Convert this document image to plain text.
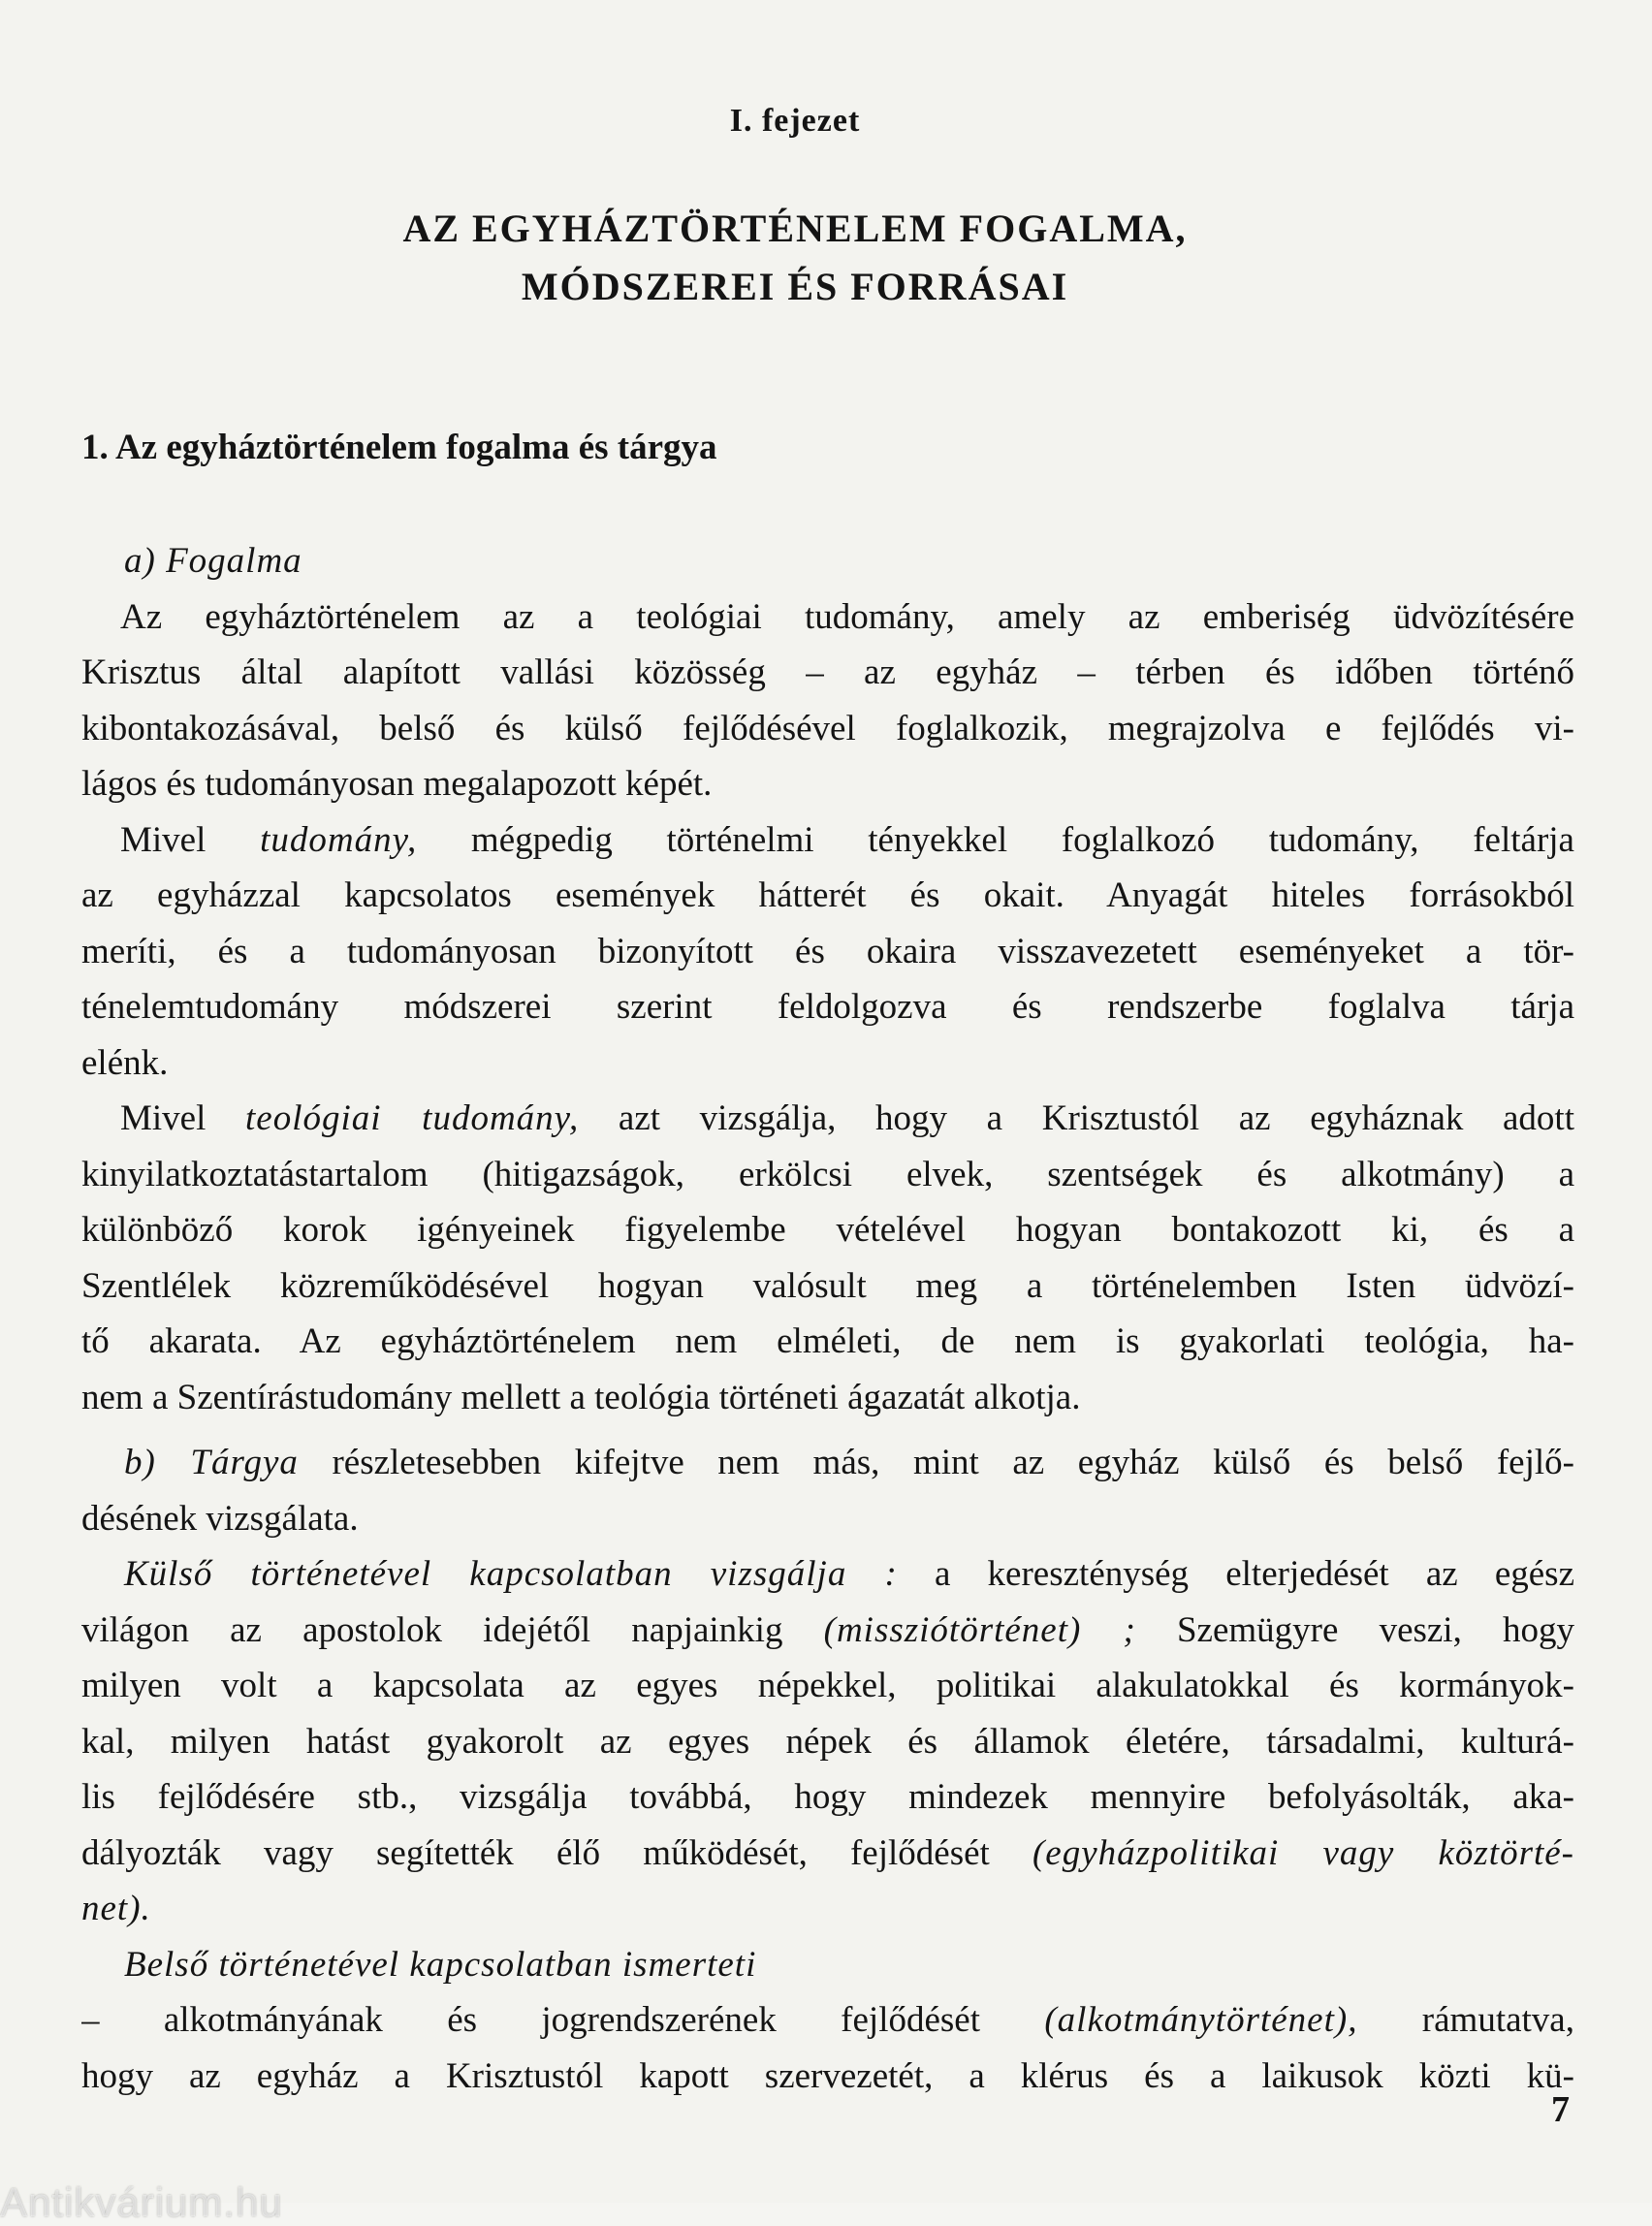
I. fejezet
AZ EGYHÁZTÖRTÉNELEM FOGALMA,
MÓDSZEREI ÉS FORRÁSAI
1. Az egyháztörténelem fogalma és tárgya
a) Fogalma
Az egyháztörténelem az a teológiai tudomány, amely az emberiség üdvözítésére
Krisztus által alapított vallási közösség – az egyház – térben és időben történő
kibontakozásával, belső és külső fejlődésével foglalkozik, megrajzolva e fejlődés vi-
lágos és tudományosan megalapozott képét.
Mivel tudomány, mégpedig történelmi tényekkel foglalkozó tudomány, feltárja
az egyházzal kapcsolatos események hátterét és okait. Anyagát hiteles forrásokból
meríti, és a tudományosan bizonyított és okaira visszavezetett eseményeket a tör-
ténelemtudomány módszerei szerint feldolgozva és rendszerbe foglalva tárja
elénk.
Mivel teológiai tudomány, azt vizsgálja, hogy a Krisztustól az egyháznak adott
kinyilatkoztatástartalom (hitigazságok, erkölcsi elvek, szentségek és alkotmány) a
különböző korok igényeinek figyelembe vételével hogyan bontakozott ki, és a
Szentlélek közreműködésével hogyan valósult meg a történelemben Isten üdvözí-
tő akarata. Az egyháztörténelem nem elméleti, de nem is gyakorlati teológia, ha-
nem a Szentírástudomány mellett a teológia történeti ágazatát alkotja.
b) Tárgya részletesebben kifejtve nem más, mint az egyház külső és belső fejlő-
désének vizsgálata.
Külső történetével kapcsolatban vizsgálja : a kereszténység elterjedését az egész
világon az apostolok idejétől napjainkig (missziótörténet) ; Szemügyre veszi, hogy
milyen volt a kapcsolata az egyes népekkel, politikai alakulatokkal és kormányok-
kal, milyen hatást gyakorolt az egyes népek és államok életére, társadalmi, kulturá-
lis fejlődésére stb., vizsgálja továbbá, hogy mindezek mennyire befolyásolták, aka-
dályozták vagy segítették élő működését, fejlődését (egyházpolitikai vagy köztörté-
net).
Belső történetével kapcsolatban ismerteti
– alkotmányának és jogrendszerének fejlődését (alkotmánytörténet), rámutatva,
hogy az egyház a Krisztustól kapott szervezetét, a klérus és a laikusok közti kü-
7
Antikvárium.hu
